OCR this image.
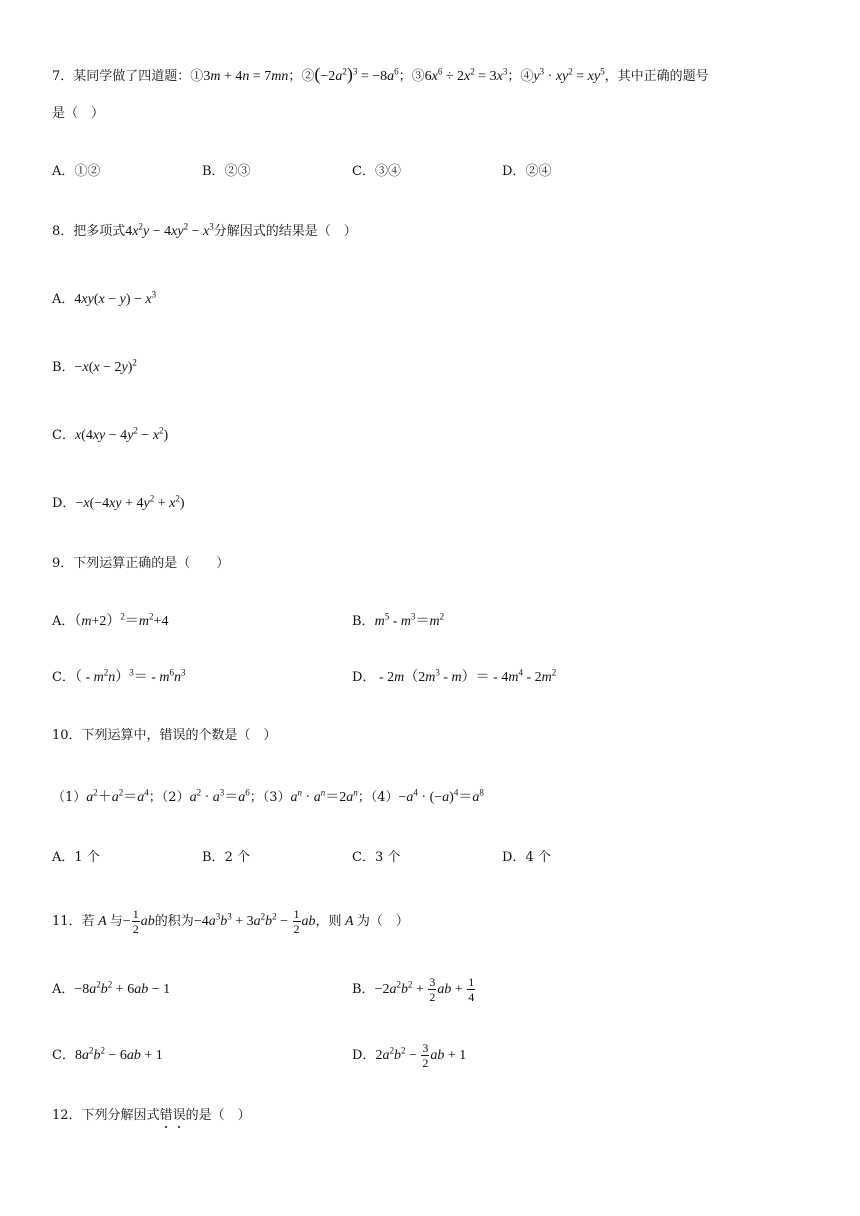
7．某同学做了四道题：①3m + 4n = 7mn；$②(-2a^2)^3 = -8a^6$；$③6x^6 \div 2x^2 = 3x^3$；$④y^3 \cdot xy^2 = xy^5$，其中正确的题号
是（　）
A．①②	B．②③	C．③④	D．②④
8．把多项式$4x^2y - 4xy^2 - x^3$分解因式的结果是（　）
A．$4xy(x - y) - x^3$
B．$-x(x - 2y)^2$
C．$x(4xy - 4y^2 - x^2)$
D．$-x(-4xy + 4y^2 + x^2)$
9．下列运算正确的是（　　）
A．$(m+2)^2=m^2+4$	B．$m^5 - m^3=m^2$
C．（ - $m^2n)^3= - m^6n^3$	D． - $2m(2m^3 - m)= - 4m^4 - 2m^2$
10．下列运算中，错误的个数是（　）
$(1)a^2+a^2=a^4$；$(2)a^2 \cdot a^3=a^6$；$(3)a^n \cdot a^n=2a^n$；$(4)-a^4 \cdot (-a)^4=a^8$
A．1 个	B．2 个	C．3 个	D．4 个
11．若 A 与− $\frac{1}{2}$ ab的积为$-4a^3b^3 + 3a^2b^2 - \frac{1}{2}$ ab，则 A 为（　）
A．$-8a^2b^2 + 6ab - 1$	B．$-2a^2b^2 + \frac{3}{2}$ ab + $\frac{1}{4}$
C．$8a^2b^2 - 6ab + 1$	D．$2a^2b^2 - \frac{3}{2}$ ab + 1
12．下列分解因式错误的是（　）
